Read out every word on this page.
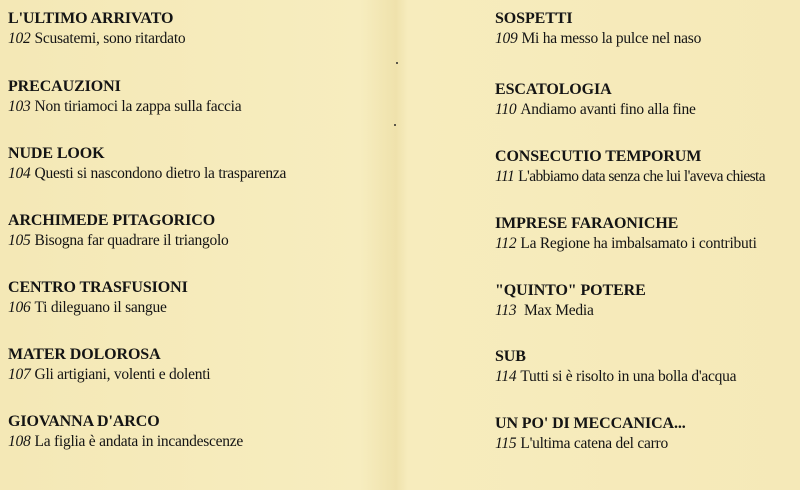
L'ULTIMO ARRIVATO
102 Scusatemi, sono ritardato
PRECAUZIONI
103 Non tiriamoci la zappa sulla faccia
NUDE LOOK
104 Questi si nascondono dietro la trasparenza
ARCHIMEDE PITAGORICO
105 Bisogna far quadrare il triangolo
CENTRO TRASFUSIONI
106 Ti dileguano il sangue
MATER DOLOROSA
107 Gli artigiani, volenti e dolenti
GIOVANNA D'ARCO
108 La figlia è andata in incandescenze
SOSPETTI
109 Mi ha messo la pulce nel naso
ESCATOLOGIA
110 Andiamo avanti fino alla fine
CONSECUTIO TEMPORUM
111 L'abbiamo data senza che lui l'aveva chiesta
IMPRESE FARAONICHE
112 La Regione ha imbalsamato i contributi
"QUINTO" POTERE
113 Max Media
SUB
114 Tutti si è risolto in una bolla d'acqua
UN PO' DI MECCANICA...
115 L'ultima catena del carro
